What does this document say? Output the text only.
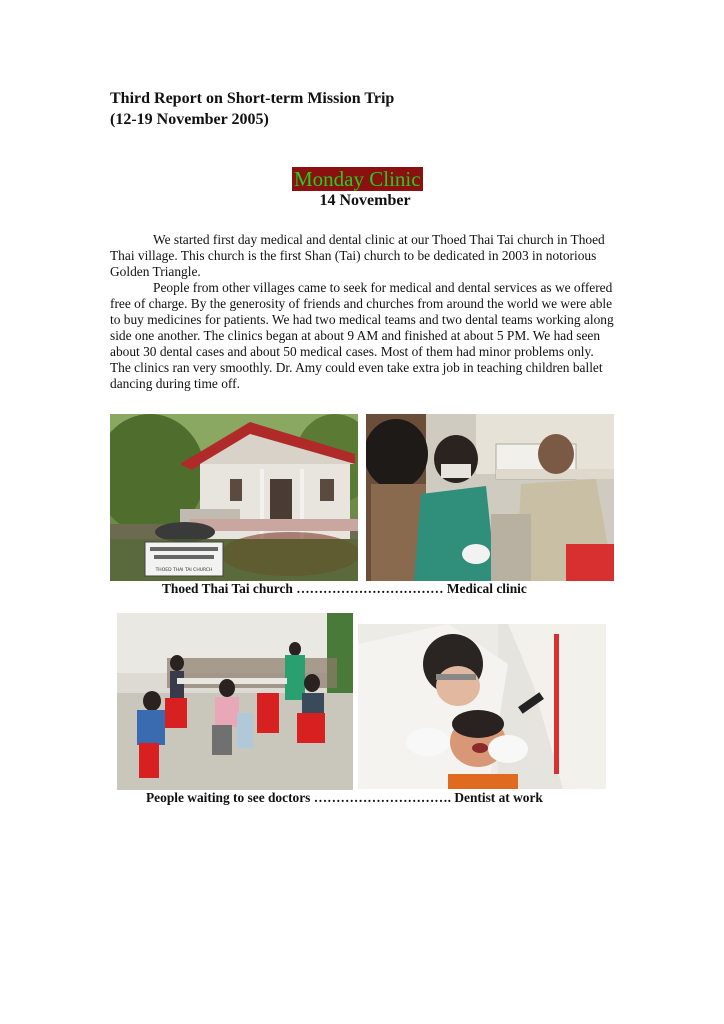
Third Report on Short-term Mission Trip
(12-19 November 2005)
Monday Clinic
14 November

We started first day medical and dental clinic at our Thoed Thai Tai church in Thoed Thai village. This church is the first Shan (Tai) church to be dedicated in 2003 in notorious Golden Triangle.

People from other villages came to seek for medical and dental services as we offered free of charge. By the generosity of friends and churches from around the world we were able to buy medicines for patients. We had two medical teams and two dental teams working along side one another. The clinics began at about 9 AM and finished at about 5 PM. We had seen about 30 dental cases and about 50 medical cases. Most of them had minor problems only. The clinics ran very smoothly. Dr. Amy could even take extra job in teaching children ballet dancing during time off.

THOED THAI TAI CHURCH
Thoed Thai Tai church …………………………… Medical clinic
People waiting to see doctors …………………………. Dentist at work
